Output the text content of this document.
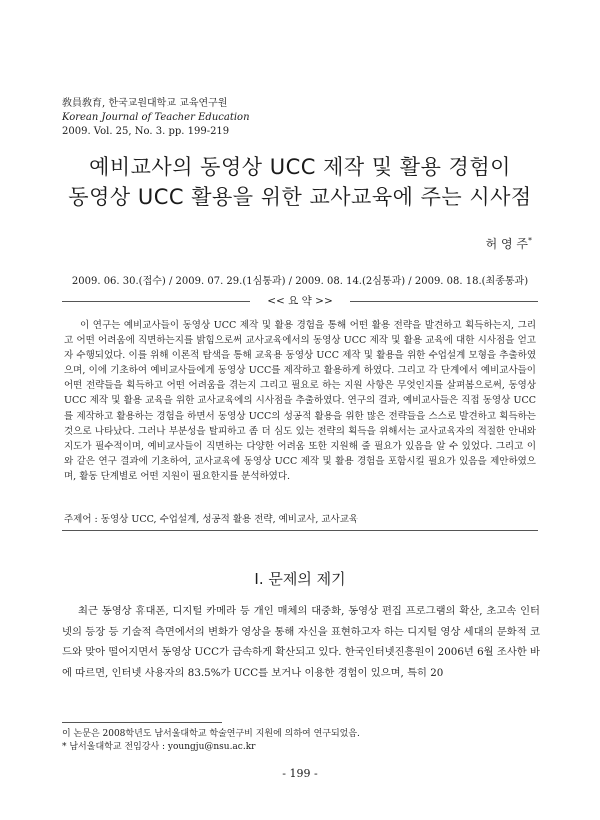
敎員敎育, 한국교원대학교 교육연구원
Korean Journal of Teacher Education
2009. Vol. 25, No. 3. pp. 199-219
예비교사의 동영상 UCC 제작 및 활용 경험이
동영상 UCC 활용을 위한 교사교육에 주는 시사점
허 영 주*
2009. 06. 30.(접수) / 2009. 07. 29.(1심통과) / 2009. 08. 14.(2심통과) / 2009. 08. 18.(최종통과)
<< 요 약 >>

이 연구는 예비교사들이 동영상 UCC 제작 및 활용 경험을 통해 어떤 활용 전략을 발견하고 획득하는지, 그리고 어떤 어려움에 직면하는지를 밝힘으로써 교사교육에서의 동영상 UCC 제작 및 활용 교육에 대한 시사점을 얻고자 수행되었다. 이를 위해 이론적 탐색을 통해 교육용 동영상 UCC 제작 및 활용을 위한 수업설계 모형을 추출하였으며, 이에 기초하여 예비교사들에게 동영상 UCC를 제작하고 활용하게 하였다. 그리고 각 단계에서 예비교사들이 어떤 전략들을 획득하고 어떤 어려움을 겪는지 그리고 필요로 하는 지원 사항은 무엇인지를 살펴봄으로써, 동영상 UCC 제작 및 활용 교육을 위한 교사교육에의 시사점을 추출하였다. 연구의 결과, 예비교사들은 직접 동영상 UCC를 제작하고 활용하는 경험을 하면서 동영상 UCC의 성공적 활용을 위한 많은 전략들을 스스로 발견하고 획득하는 것으로 나타났다. 그러나 부분성을 탈피하고 좀 더 심도 있는 전략의 획득을 위해서는 교사교육자의 적절한 안내와 지도가 필수적이며, 예비교사들이 직면하는 다양한 어려움 또한 지원해 줄 필요가 있음을 알 수 있었다. 그리고 이와 같은 연구 결과에 기초하여, 교사교육에 동영상 UCC 제작 및 활용 경험을 포함시킬 필요가 있음을 제안하였으며, 활동 단계별로 어떤 지원이 필요한지를 분석하였다.

주제어 : 동영상 UCC, 수업설계, 성공적 활용 전략, 예비교사, 교사교육
Ⅰ. 문제의 제기

최근 동영상 휴대폰, 디지털 카메라 등 개인 매체의 대중화, 동영상 편집 프로그램의 확산, 초고속 인터넷의 등장 등 기술적 측면에서의 변화가 영상을 통해 자신을 표현하고자 하는 디지털 영상 세대의 문화적 코드와 맞아 떨어지면서 동영상 UCC가 급속하게 확산되고 있다. 한국인터넷진흥원이 2006년 6월 조사한 바에 따르면, 인터넷 사용자의 83.5%가 UCC를 보거나 이용한 경험이 있으며, 특히 20

이 논문은 2008학년도 남서울대학교 학술연구비 지원에 의하여 연구되었음.
* 남서울대학교 전임강사 : youngju@nsu.ac.kr
- 199 -
